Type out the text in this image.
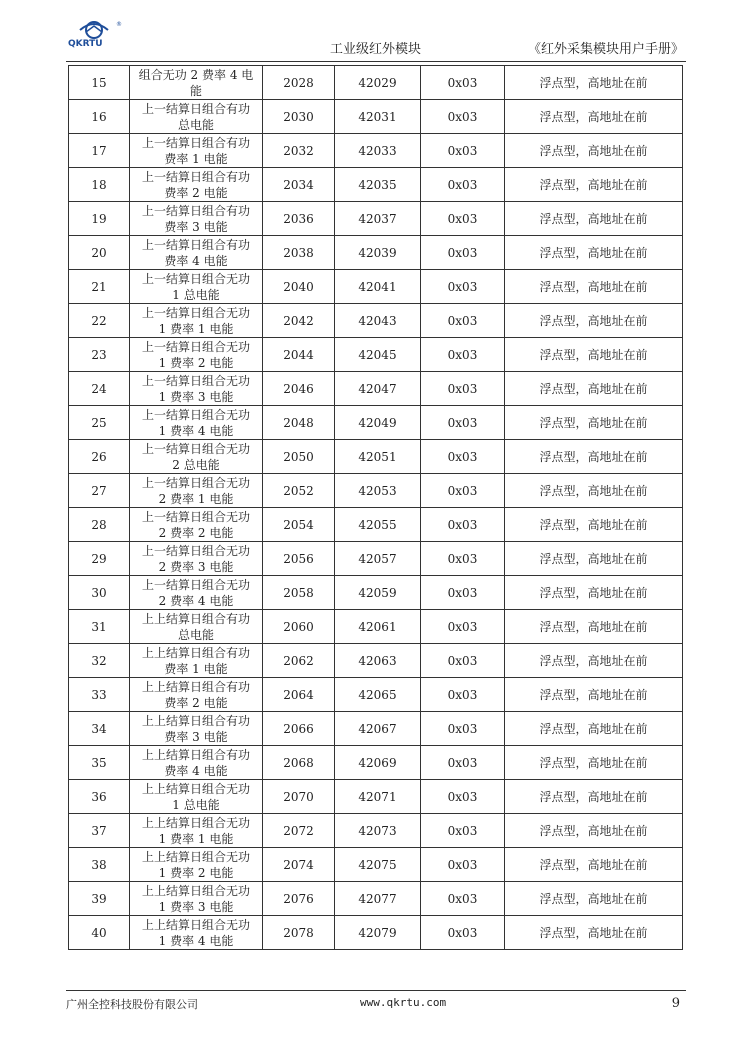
QKRTU
®
工业级红外模块	《红外采集模块用户手册》
15	组合无功 2 费率 4 电
能	2028	42029	0x03	浮点型，高地址在前
16	上一结算日组合有功
总电能	2030	42031	0x03	浮点型，高地址在前
17	上一结算日组合有功
费率 1 电能	2032	42033	0x03	浮点型，高地址在前
18	上一结算日组合有功
费率 2 电能	2034	42035	0x03	浮点型，高地址在前
19	上一结算日组合有功
费率 3 电能	2036	42037	0x03	浮点型，高地址在前
20	上一结算日组合有功
费率 4 电能	2038	42039	0x03	浮点型，高地址在前
21	上一结算日组合无功
1 总电能	2040	42041	0x03	浮点型，高地址在前
22	上一结算日组合无功
1 费率 1 电能	2042	42043	0x03	浮点型，高地址在前
23	上一结算日组合无功
1 费率 2 电能	2044	42045	0x03	浮点型，高地址在前
24	上一结算日组合无功
1 费率 3 电能	2046	42047	0x03	浮点型，高地址在前
25	上一结算日组合无功
1 费率 4 电能	2048	42049	0x03	浮点型，高地址在前
26	上一结算日组合无功
2 总电能	2050	42051	0x03	浮点型，高地址在前
27	上一结算日组合无功
2 费率 1 电能	2052	42053	0x03	浮点型，高地址在前
28	上一结算日组合无功
2 费率 2 电能	2054	42055	0x03	浮点型，高地址在前
29	上一结算日组合无功
2 费率 3 电能	2056	42057	0x03	浮点型，高地址在前
30	上一结算日组合无功
2 费率 4 电能	2058	42059	0x03	浮点型，高地址在前
31	上上结算日组合有功
总电能	2060	42061	0x03	浮点型，高地址在前
32	上上结算日组合有功
费率 1 电能	2062	42063	0x03	浮点型，高地址在前
33	上上结算日组合有功
费率 2 电能	2064	42065	0x03	浮点型，高地址在前
34	上上结算日组合有功
费率 3 电能	2066	42067	0x03	浮点型，高地址在前
35	上上结算日组合有功
费率 4 电能	2068	42069	0x03	浮点型，高地址在前
36	上上结算日组合无功
1 总电能	2070	42071	0x03	浮点型，高地址在前
37	上上结算日组合无功
1 费率 1 电能	2072	42073	0x03	浮点型，高地址在前
38	上上结算日组合无功
1 费率 2 电能	2074	42075	0x03	浮点型，高地址在前
39	上上结算日组合无功
1 费率 3 电能	2076	42077	0x03	浮点型，高地址在前
40	上上结算日组合无功
1 费率 4 电能	2078	42079	0x03	浮点型，高地址在前
广州全控科技股份有限公司	www.qkrtu.com	9
